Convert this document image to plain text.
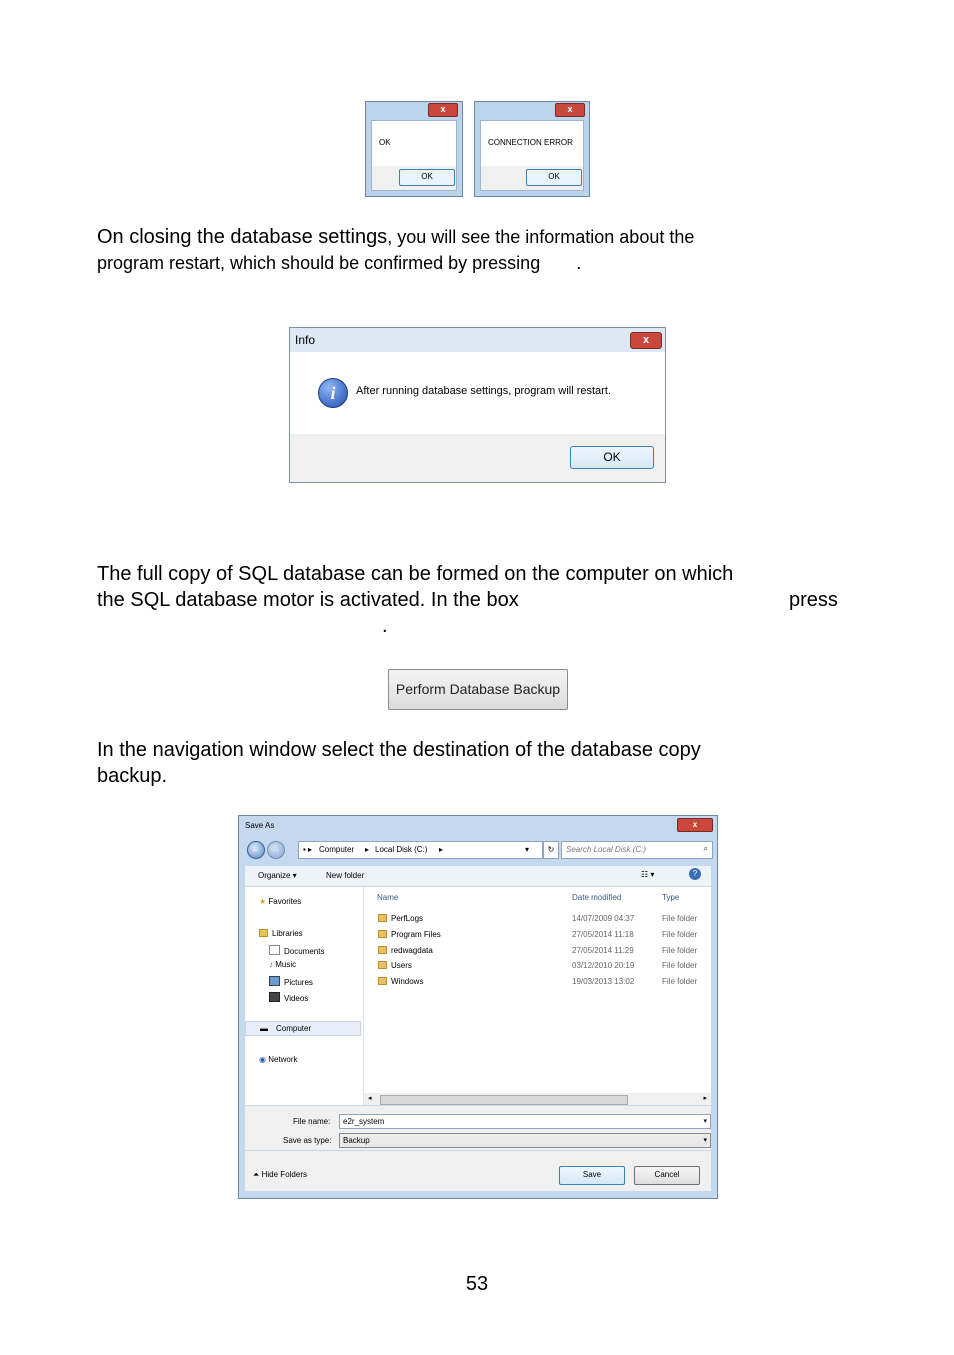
x
OK
OK
x
CONNECTION ERROR
OK
On closing the database settings, you will see the information about the
program restart, which should be confirmed by pressing .
Info	x
i	After running database settings, program will restart.
OK
The full copy of SQL database can be formed on the computer on which
the SQL database motor is activated. In the box	press
.
Perform Database Backup
In the navigation window select the destination of the database copy
backup.
Save As	x
←	→	▪ ▸ Computer ▸ Local Disk (C:) ▸	▾	↻	Search Local Disk (C:)	⌕
Organize ▾	New folder	☷ ▾	?
★ Favorites
Libraries
Documents
♪ Music
Pictures
Videos
▬ Computer
◉ Network
Name	Date modified	Type
PerfLogs	14/07/2009 04:37	File folder
Program Files	27/05/2014 11:18	File folder
redwagdata	27/05/2014 11:29	File folder
Users	03/12/2010 20:19	File folder
Windows	19/03/2013 13:02	File folder
◂	▸
File name: e2r_system	▾
Save as type: Backup	▾
⏶ Hide Folders	Save	Cancel
53
